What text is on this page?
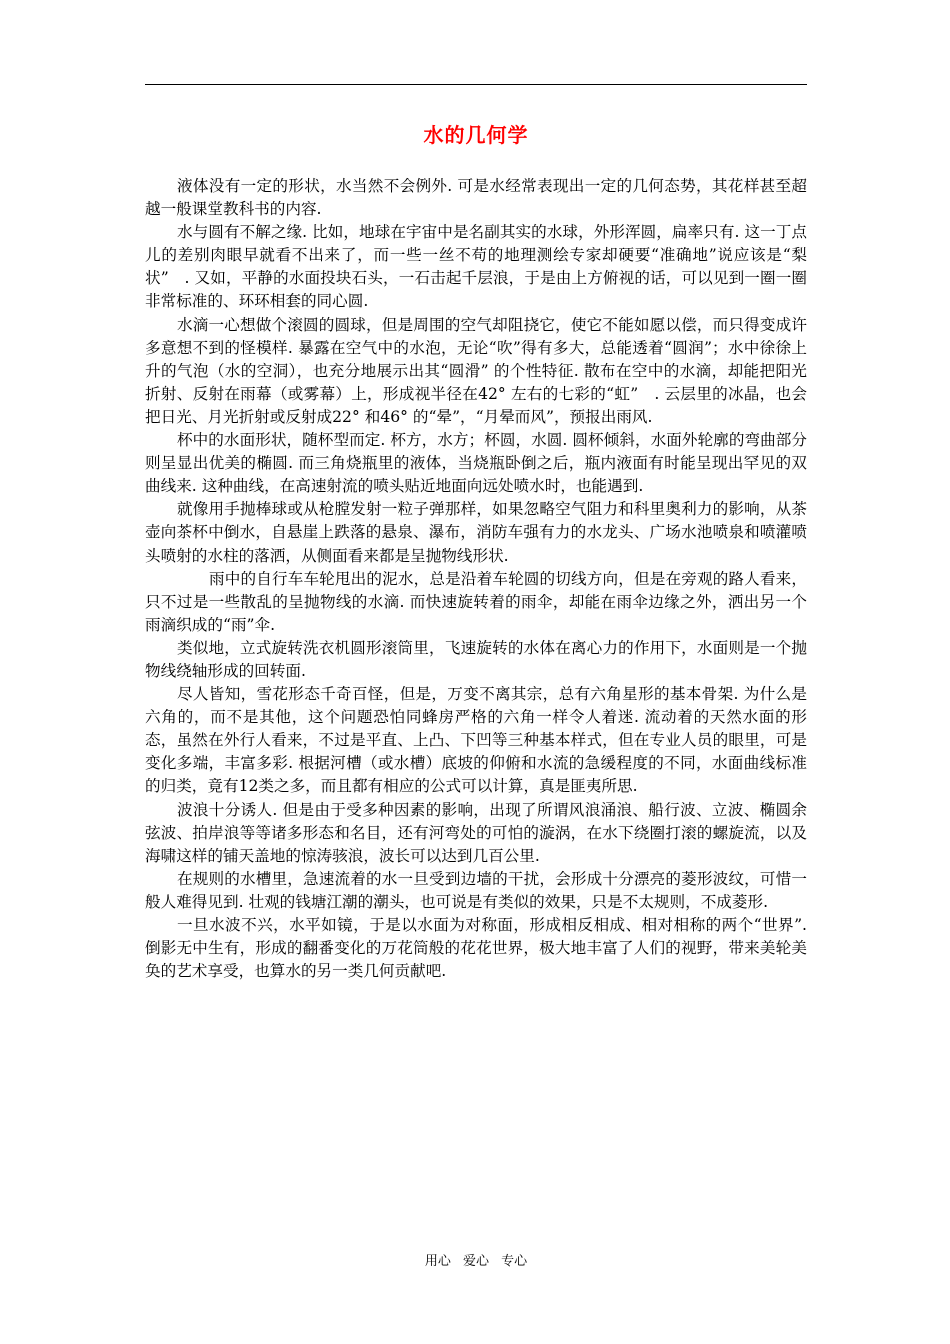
水的几何学

液体没有一定的形状，水当然不会例外. 可是水经常表现出一定的几何态势，其花样甚至超越一般课堂教科书的内容.

水与圆有不解之缘. 比如，地球在宇宙中是名副其实的水球，外形浑圆，扁率只有. 这一丁点儿的差别肉眼早就看不出来了，而一些一丝不苟的地理测绘专家却硬要“准确地”说应该是“梨状”　. 又如，平静的水面投块石头，一石击起千层浪，于是由上方俯视的话，可以见到一圈一圈非常标准的、环环相套的同心圆.

水滴一心想做个滚圆的圆球，但是周围的空气却阻挠它，使它不能如愿以偿，而只得变成许多意想不到的怪模样. 暴露在空气中的水泡，无论“吹”得有多大，总能透着“圆润”；水中徐徐上升的气泡（水的空洞），也充分地展示出其“圆滑” 的个性特征. 散布在空中的水滴，却能把阳光折射、反射在雨幕（或雾幕）上，形成视半径在42° 左右的七彩的“虹”　. 云层里的冰晶，也会把日光、月光折射或反射成22° 和46° 的“晕”，“月晕而风”，预报出雨风.

杯中的水面形状，随杯型而定. 杯方，水方；杯圆，水圆. 圆杯倾斜，水面外轮廓的弯曲部分则呈显出优美的椭圆. 而三角烧瓶里的液体，当烧瓶卧倒之后，瓶内液面有时能呈现出罕见的双曲线来. 这种曲线，在高速射流的喷头贴近地面向远处喷水时，也能遇到.

就像用手抛棒球或从枪膛发射一粒子弹那样，如果忽略空气阻力和科里奥利力的影响，从茶壶向茶杯中倒水，自悬崖上跌落的悬泉、瀑布，消防车强有力的水龙头、广场水池喷泉和喷灌喷头喷射的水柱的落洒，从侧面看来都是呈抛物线形状.

雨中的自行车车轮甩出的泥水，总是沿着车轮圆的切线方向，但是在旁观的路人看来，只不过是一些散乱的呈抛物线的水滴. 而快速旋转着的雨伞，却能在雨伞边缘之外，洒出另一个雨滴织成的“雨”伞.

类似地，立式旋转洗衣机圆形滚筒里，飞速旋转的水体在离心力的作用下，水面则是一个抛物线绕轴形成的回转面.

尽人皆知，雪花形态千奇百怪，但是，万变不离其宗，总有六角星形的基本骨架. 为什么是六角的，而不是其他，这个问题恐怕同蜂房严格的六角一样令人着迷. 流动着的天然水面的形态，虽然在外行人看来，不过是平直、上凸、下凹等三种基本样式，但在专业人员的眼里，可是变化多端，丰富多彩. 根据河槽（或水槽）底坡的仰俯和水流的急缓程度的不同，水面曲线标准的归类，竟有12类之多，而且都有相应的公式可以计算，真是匪夷所思.

波浪十分诱人. 但是由于受多种因素的影响，出现了所谓风浪涌浪、船行波、立波、椭圆余弦波、拍岸浪等等诸多形态和名目，还有河弯处的可怕的漩涡，在水下绕圈打滚的螺旋流，以及海啸这样的铺天盖地的惊涛骇浪，波长可以达到几百公里.

在规则的水槽里，急速流着的水一旦受到边墙的干扰，会形成十分漂亮的菱形波纹，可惜一般人难得见到. 壮观的钱塘江潮的潮头，也可说是有类似的效果，只是不太规则，不成菱形.

一旦水波不兴，水平如镜，于是以水面为对称面，形成相反相成、相对相称的两个“世界”. 倒影无中生有，形成的翻番变化的万花筒般的花花世界，极大地丰富了人们的视野，带来美轮美奂的艺术享受，也算水的另一类几何贡献吧.

用心 爱心 专心
